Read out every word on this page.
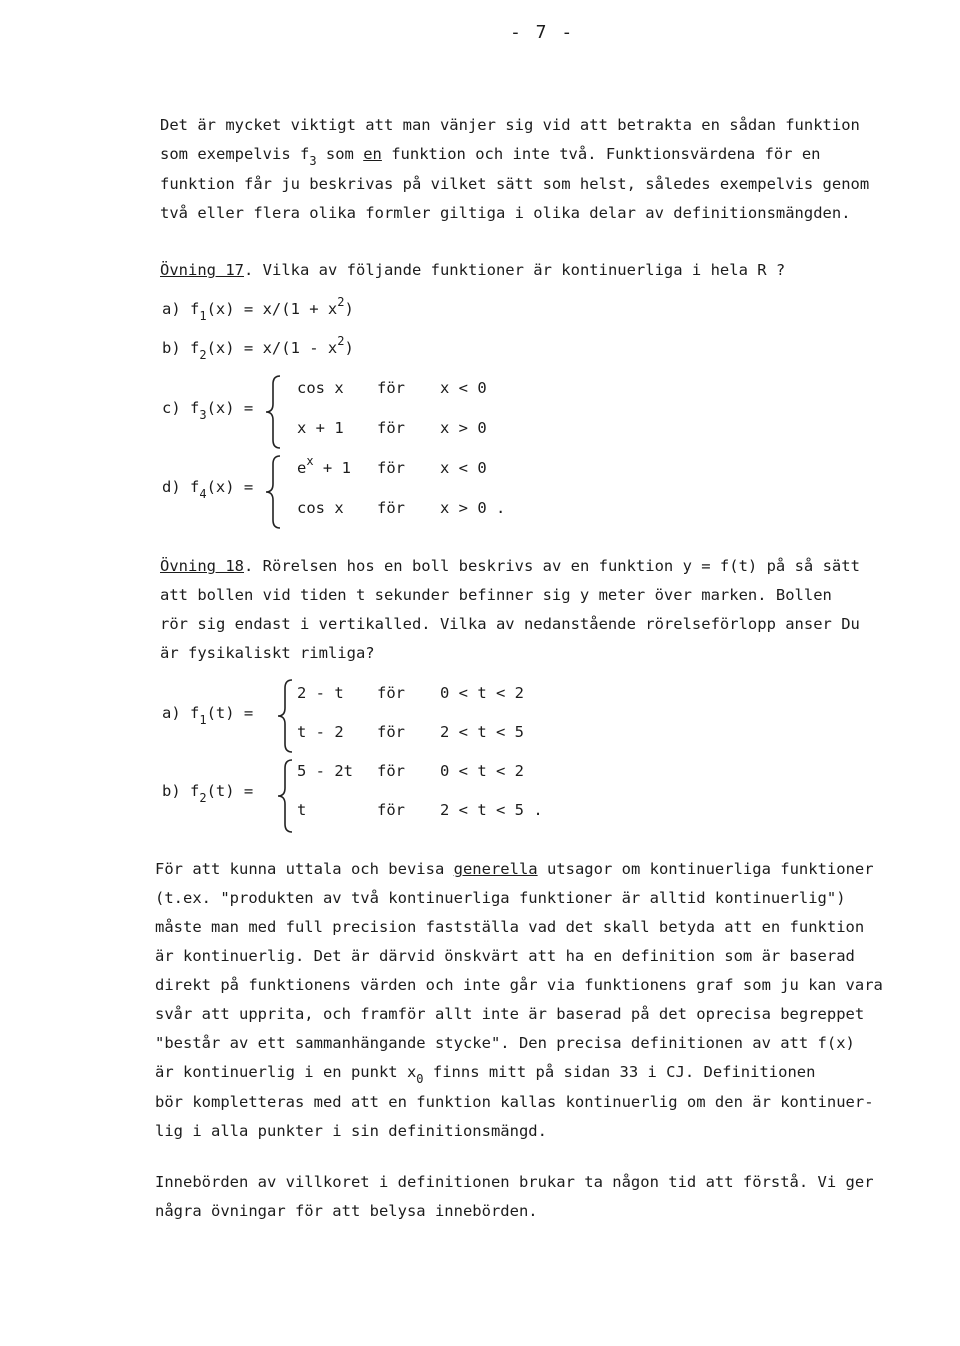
- 7 -
Det är mycket viktigt att man vänjer sig vid att betrakta en sådan funktion
som exempelvis $f_3$ som en funktion och inte två. Funktionsvärdena för en
funktion får ju beskrivas på vilket sätt som helst, således exempelvis genom
två eller flera olika formler giltiga i olika delar av definitionsmängden.
Övning 17. Vilka av följande funktioner är kontinuerliga i hela R ?
a) $f_1(x) = x/(1 + x^2)$
b) $f_2(x) = x/(1 - x^2)$
c) $f_3(x)$ =
cos x för x < 0
x + 1 för x > 0
d) $f_4(x)$ =
$e^x + 1$ för x < 0
cos x för x > 0 .
Övning 18. Rörelsen hos en boll beskrivs av en funktion y = f(t) på så sätt
att bollen vid tiden t sekunder befinner sig y meter över marken. Bollen
rör sig endast i vertikalled. Vilka av nedanstående rörelseförlopp anser Du
är fysikaliskt rimliga?
a) $f_1(t)$ =
2 - t för 0 < t < 2
t - 2 för 2 < t < 5
b) $f_2(t)$ =
5 - 2t för 0 < t < 2
t	för 2 < t < 5 .
För att kunna uttala och bevisa generella utsagor om kontinuerliga funktioner
(t.ex. "produkten av två kontinuerliga funktioner är alltid kontinuerlig")
måste man med full precision fastställa vad det skall betyda att en funktion
är kontinuerlig. Det är därvid önskvärt att ha en definition som är baserad
direkt på funktionens värden och inte går via funktionens graf som ju kan vara
svår att upprita, och framför allt inte är baserad på det oprecisa begreppet
"består av ett sammanhängande stycke". Den precisa definitionen av att f(x)
är kontinuerlig i en punkt $x_0$ finns mitt på sidan 33 i CJ. Definitionen
bör kompletteras med att en funktion kallas kontinuerlig om den är kontinuer-
lig i alla punkter i sin definitionsmängd.
Innebörden av villkoret i definitionen brukar ta någon tid att förstå. Vi ger
några övningar för att belysa innebörden.
